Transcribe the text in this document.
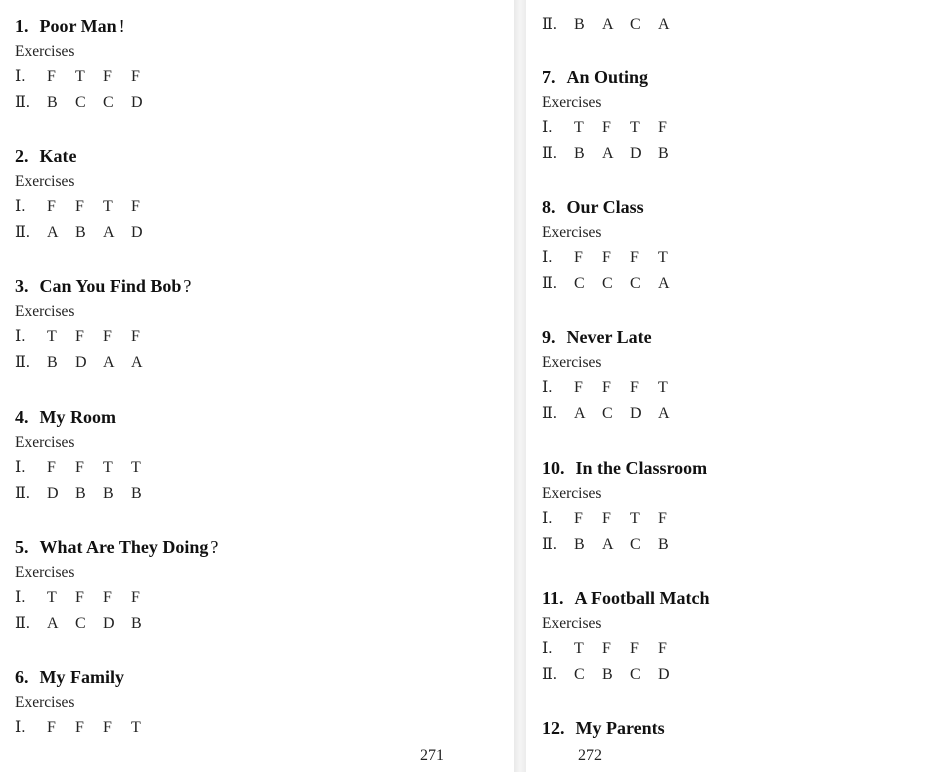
1. Poor Man !
Exercises
Ⅰ. F T F F
Ⅱ. B C C D
2. Kate
Exercises
Ⅰ. F F T F
Ⅱ. A B A D
3. Can You Find Bob ?
Exercises
Ⅰ. T F F F
Ⅱ. B D A A
4. My Room
Exercises
Ⅰ. F F T T
Ⅱ. D B B B
5. What Are They Doing ?
Exercises
Ⅰ. T F F F
Ⅱ. A C D B
6. My Family
Exercises
Ⅰ. F F F T
271
Ⅱ. B A C A
7. An Outing
Exercises
Ⅰ. T F T F
Ⅱ. B A D B
8. Our Class
Exercises
Ⅰ. F F F T
Ⅱ. C C C A
9. Never Late
Exercises
Ⅰ. F F F T
Ⅱ. A C D A
10. In the Classroom
Exercises
Ⅰ. F F T F
Ⅱ. B A C B
11. A Football Match
Exercises
Ⅰ. T F F F
Ⅱ. C B C D
12. My Parents
272
